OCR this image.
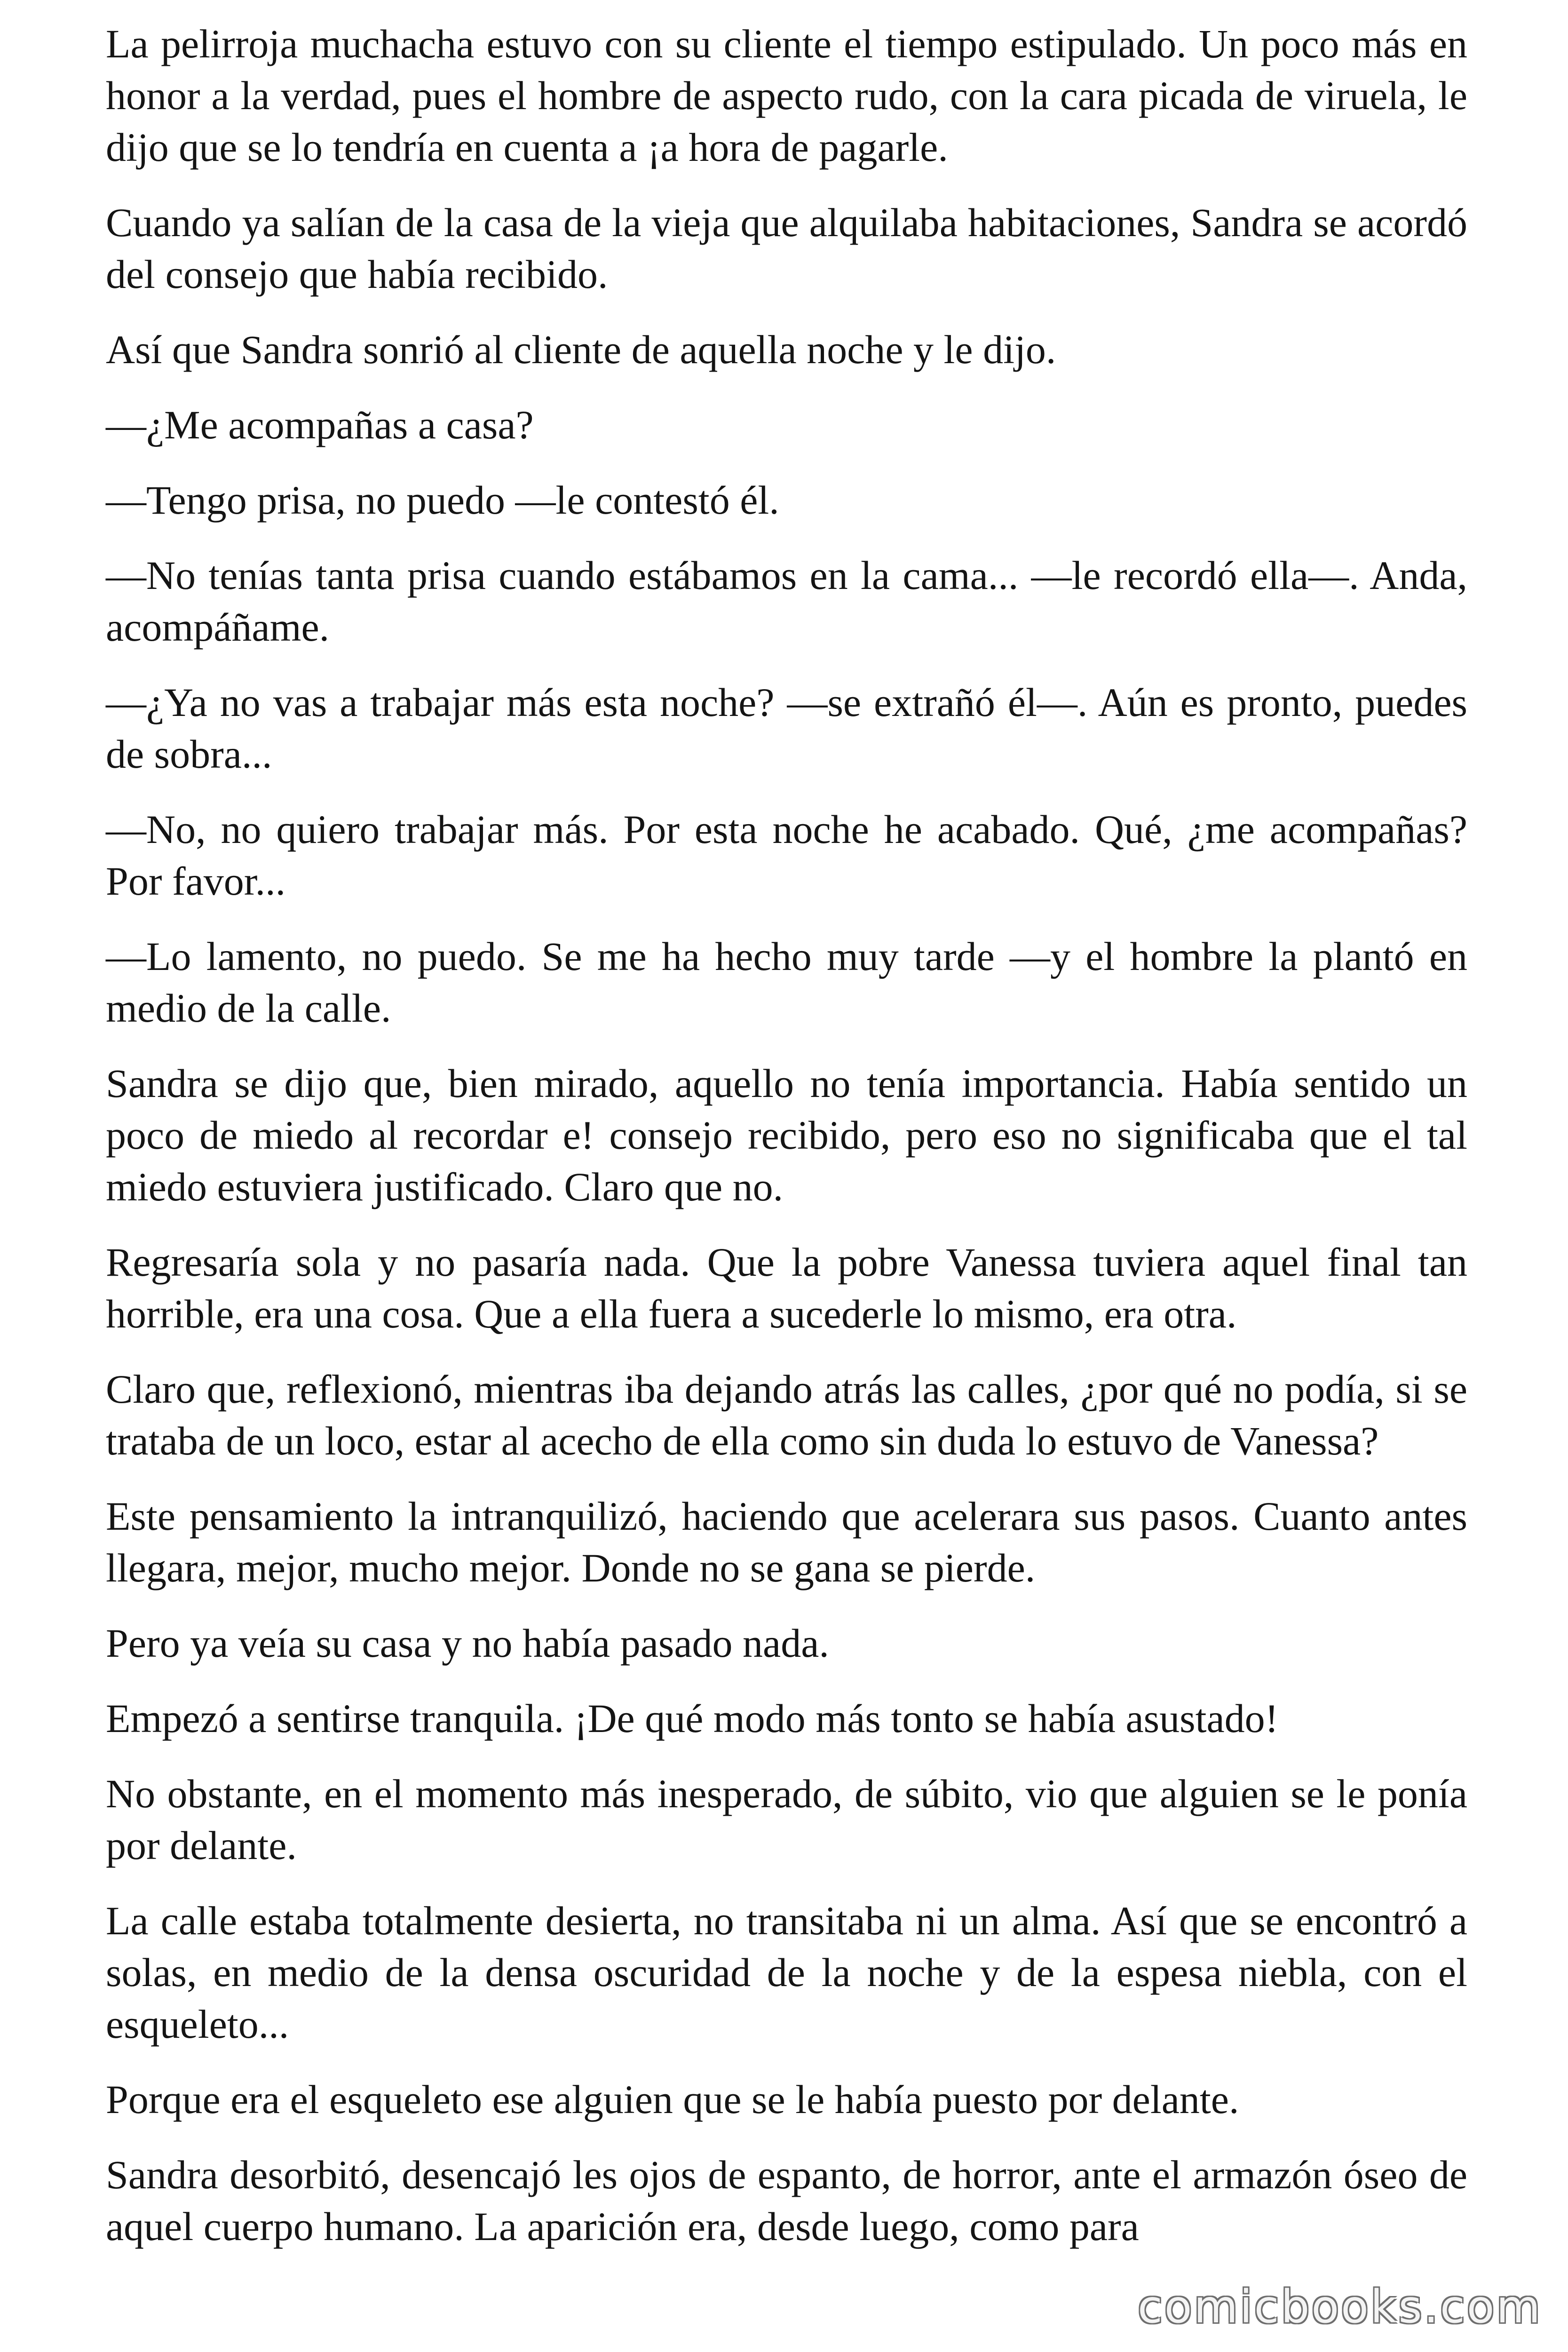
La pelirroja muchacha estuvo con su cliente el tiempo estipulado. Un poco más en honor a la verdad, pues el hombre de aspecto rudo, con la cara picada de viruela, le dijo que se lo tendría en cuenta a ¡a hora de pagarle.

Cuando ya salían de la casa de la vieja que alquilaba habitaciones, Sandra se acordó del consejo que había recibido.

Así que Sandra sonrió al cliente de aquella noche y le dijo.

—¿Me acompañas a casa?

—Tengo prisa, no puedo —le contestó él.

—No tenías tanta prisa cuando estábamos en la cama... —le recordó ella—. Anda, acompáñame.

—¿Ya no vas a trabajar más esta noche? —se extrañó él—. Aún es pronto, puedes de sobra...

—No, no quiero trabajar más. Por esta noche he acabado. Qué, ¿me acompañas? Por favor...

—Lo lamento, no puedo. Se me ha hecho muy tarde —y el hombre la plantó en medio de la calle.

Sandra se dijo que, bien mirado, aquello no tenía importancia. Había sentido un poco de miedo al recordar e! consejo recibido, pero eso no significaba que el tal miedo estuviera justificado. Claro que no.

Regresaría sola y no pasaría nada. Que la pobre Vanessa tuviera aquel final tan horrible, era una cosa. Que a ella fuera a sucederle lo mismo, era otra.

Claro que, reflexionó, mientras iba dejando atrás las calles, ¿por qué no podía, si se trataba de un loco, estar al acecho de ella como sin duda lo estuvo de Vanessa?

Este pensamiento la intranquilizó, haciendo que acelerara sus pasos. Cuanto antes llegara, mejor, mucho mejor. Donde no se gana se pierde.

Pero ya veía su casa y no había pasado nada.

Empezó a sentirse tranquila. ¡De qué modo más tonto se había asustado!

No obstante, en el momento más inesperado, de súbito, vio que alguien se le ponía por delante.

La calle estaba totalmente desierta, no transitaba ni un alma. Así que se encontró a solas, en medio de la densa oscuridad de la noche y de la espesa niebla, con el esqueleto...

Porque era el esqueleto ese alguien que se le había puesto por delante.

Sandra desorbitó, desencajó les ojos de espanto, de horror, ante el armazón óseo de aquel cuerpo humano. La aparición era, desde luego, como para

comicbooks.com
